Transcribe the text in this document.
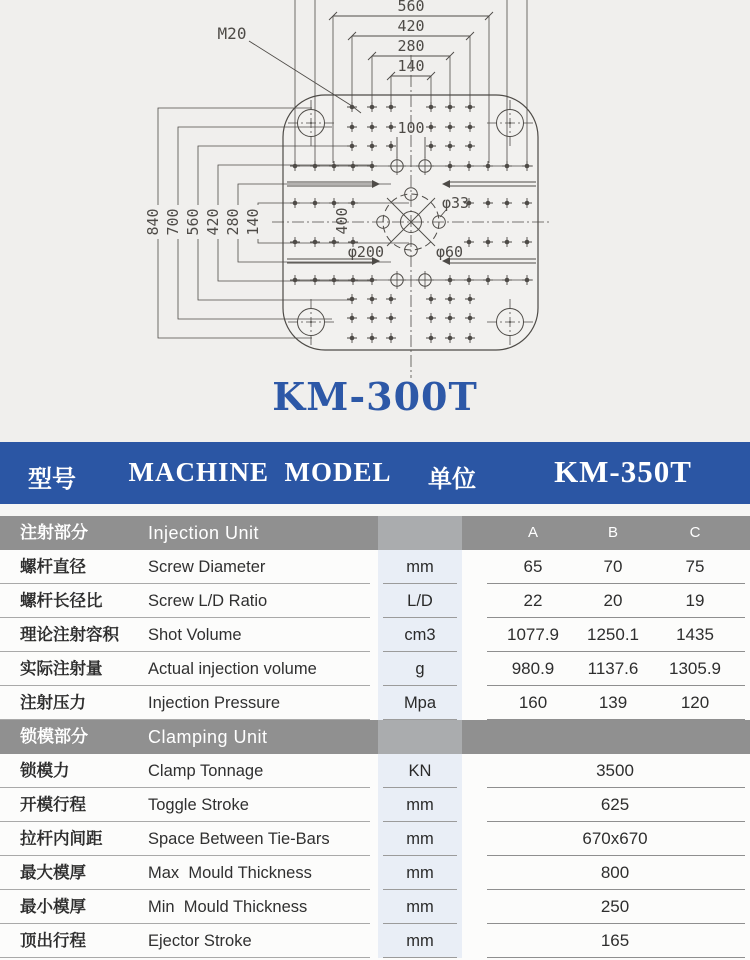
560
420
280
140
M20
100
400
φ200	φ60
φ33
840 700 560 420 280 140
KM-300T
型号	MACHINE  MODEL	单位	KM-350T
注射部分	Injection Unit	A	B	C
螺杆直径	Screw Diameter	mm	65	70	75
螺杆长径比	Screw L/D Ratio	L/D	22	20	19
理论注射容积	Shot Volume	cm3	1077.9	1250.1	1435
实际注射量	Actual injection volume	g	980.9	1137.6	1305.9
注射压力	Injection Pressure	Mpa	160	139	120
锁模部分	Clamping Unit
锁模力	Clamp Tonnage	KN	3500
开模行程	Toggle Stroke	mm	625
拉杆内间距	Space Between Tie-Bars	mm	670x670
最大模厚	Max  Mould Thickness	mm	800
最小模厚	Min  Mould Thickness	mm	250
顶出行程	Ejector Stroke	mm	165
